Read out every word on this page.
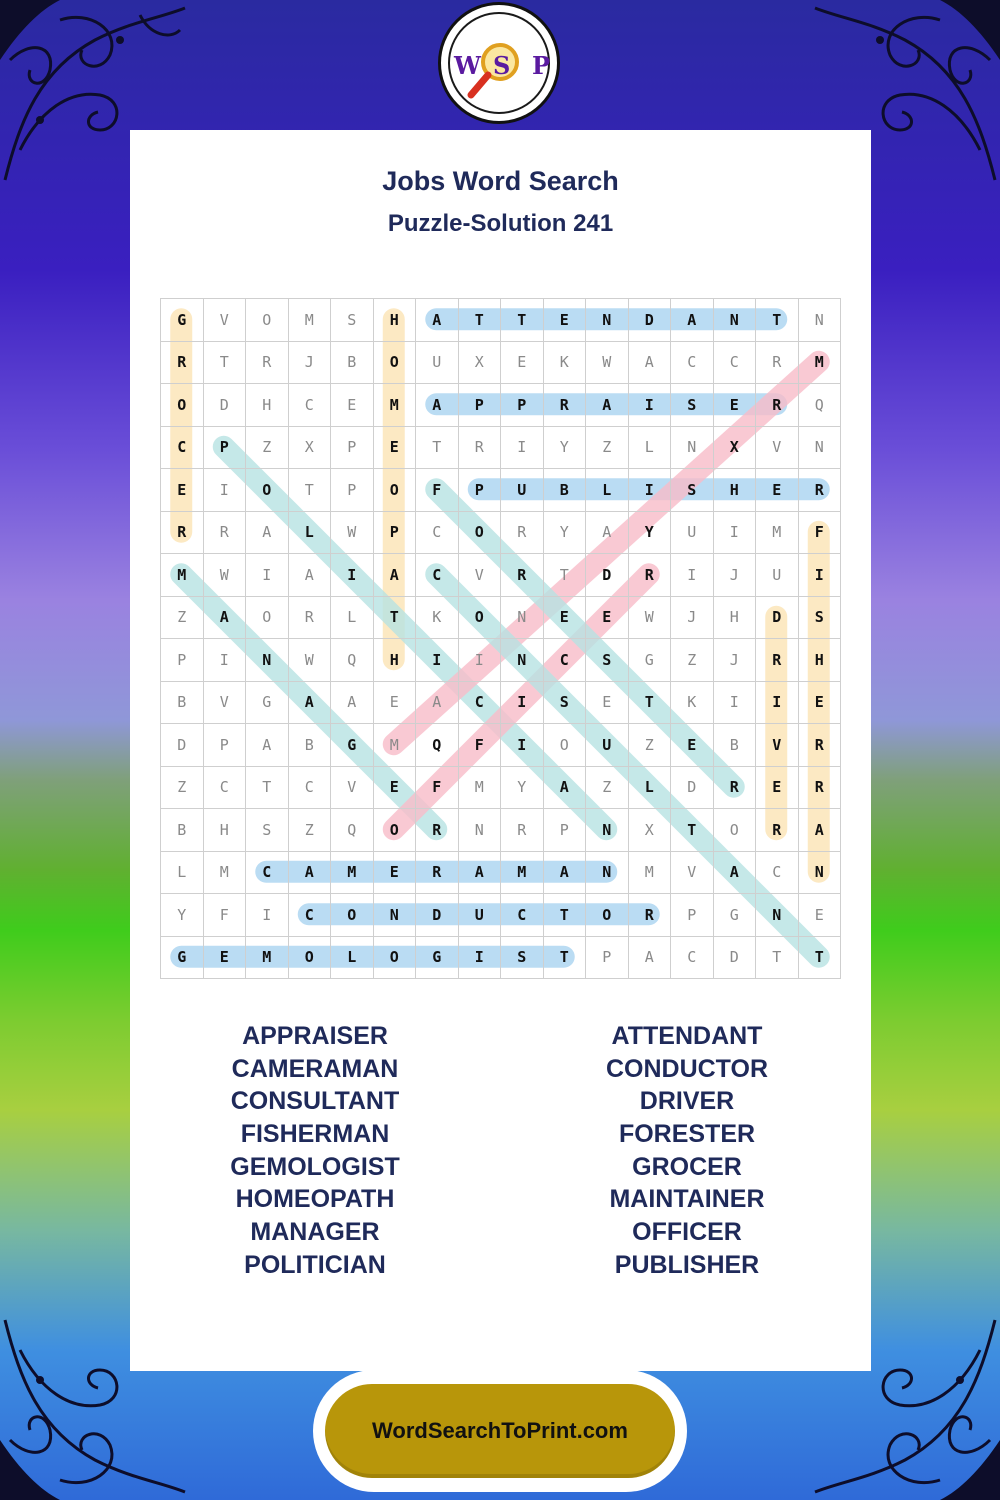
W S P
Jobs Word Search
Puzzle-Solution 241
G	V	O	M	S	H	A	T	T	E	N	D	A	N	T	N
R	T	R	J	B	O	U	X	E	K	W	A	C	C	R	M
O	D	H	C	E	M	A	P	P	R	A	I	S	E	R	Q
C	P	Z	X	P	E	T	R	I	Y	Z	L	N	X	V	N
E	I	O	T	P	O	F	P	U	B	L	I	S	H	E	R
R	R	A	L	W	P	C	O	R	Y	A	Y	U	I	M	F
M	W	I	A	I	A	C	V	R	T	D	R	I	J	U	I
Z	A	O	R	L	T	K	O	N	E	E	W	J	H	D	S
P	I	N	W	Q	H	I	I	N	C	S	G	Z	J	R	H
B	V	G	A	A	E	A	C	I	S	E	T	K	I	I	E
D	P	A	B	G	M	Q	F	I	O	U	Z	E	B	V	R
Z	C	T	C	V	E	F	M	Y	A	Z	L	D	R	E	R
B	H	S	Z	Q	O	R	N	R	P	N	X	T	O	R	A
L	M	C	A	M	E	R	A	M	A	N	M	V	A	C	N
Y	F	I	C	O	N	D	U	C	T	O	R	P	G	N	E
G	E	M	O	L	O	G	I	S	T	P	A	C	D	T	T
APPRAISER
CAMERAMAN
CONSULTANT
FISHERMAN
GEMOLOGIST
HOMEOPATH
MANAGER
POLITICIAN
ATTENDANT
CONDUCTOR
DRIVER
FORESTER
GROCER
MAINTAINER
OFFICER
PUBLISHER
WordSearchToPrint.com
